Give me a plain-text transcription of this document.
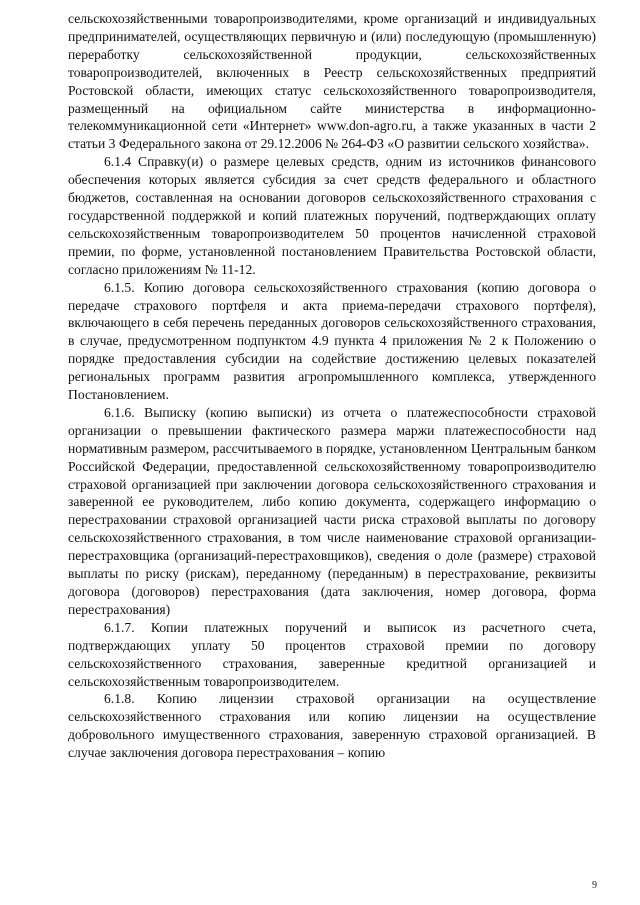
сельскохозяйственными товаропроизводителями, кроме организаций и индивидуальных предпринимателей, осуществляющих первичную и (или) последующую (промышленную) переработку сельскохозяйственной продукции, сельскохозяйственных товаропроизводителей, включенных в Реестр сельскохозяйственных предприятий Ростовской области, имеющих статус сельскохозяйственного товаропроизводителя, размещенный на официальном сайте министерства в информационно-телекоммуникационной сети «Интернет» www.don-agro.ru, а также указанных в части 2 статьи 3 Федерального закона от 29.12.2006 № 264-ФЗ «О развитии сельского хозяйства».

6.1.4 Справку(и) о размере целевых средств, одним из источников финансового обеспечения которых является субсидия за счет средств федерального и областного бюджетов, составленная на основании договоров сельскохозяйственного страхования с государственной поддержкой и копий платежных поручений, подтверждающих оплату сельскохозяйственным товаропроизводителем 50 процентов начисленной страховой премии, по форме, установленной постановлением Правительства Ростовской области, согласно приложениям № 11-12.

6.1.5. Копию договора сельскохозяйственного страхования (копию договора о передаче страхового портфеля и акта приема-передачи страхового портфеля), включающего в себя перечень переданных договоров сельскохозяйственного страхования, в случае, предусмотренном подпунктом 4.9 пункта 4 приложения № 2 к Положению о порядке предоставления субсидии на содействие достижению целевых показателей региональных программ развития агропромышленного комплекса, утвержденного Постановлением.

6.1.6. Выписку (копию выписки) из отчета о платежеспособности страховой организации о превышении фактического размера маржи платежеспособности над нормативным размером, рассчитываемого в порядке, установленном Центральным банком Российской Федерации, предоставленной сельскохозяйственному товаропроизводителю страховой организацией при заключении договора сельскохозяйственного страхования и заверенной ее руководителем, либо копию документа, содержащего информацию о перестраховании страховой организацией части риска страховой выплаты по договору сельскохозяйственного страхования, в том числе наименование страховой организации-перестраховщика (организаций-перестраховщиков), сведения о доле (размере) страховой выплаты по риску (рискам), переданному (переданным) в перестрахование, реквизиты договора (договоров) перестрахования (дата заключения, номер договора, форма перестрахования)

6.1.7. Копии платежных поручений и выписок из расчетного счета, подтверждающих уплату 50 процентов страховой премии по договору сельскохозяйственного страхования, заверенные кредитной организацией и сельскохозяйственным товаропроизводителем.

6.1.8. Копию лицензии страховой организации на осуществление сельскохозяйственного страхования или копию лицензии на осуществление добровольного имущественного страхования, заверенную страховой организацией. В случае заключения договора перестрахования – копию

9
